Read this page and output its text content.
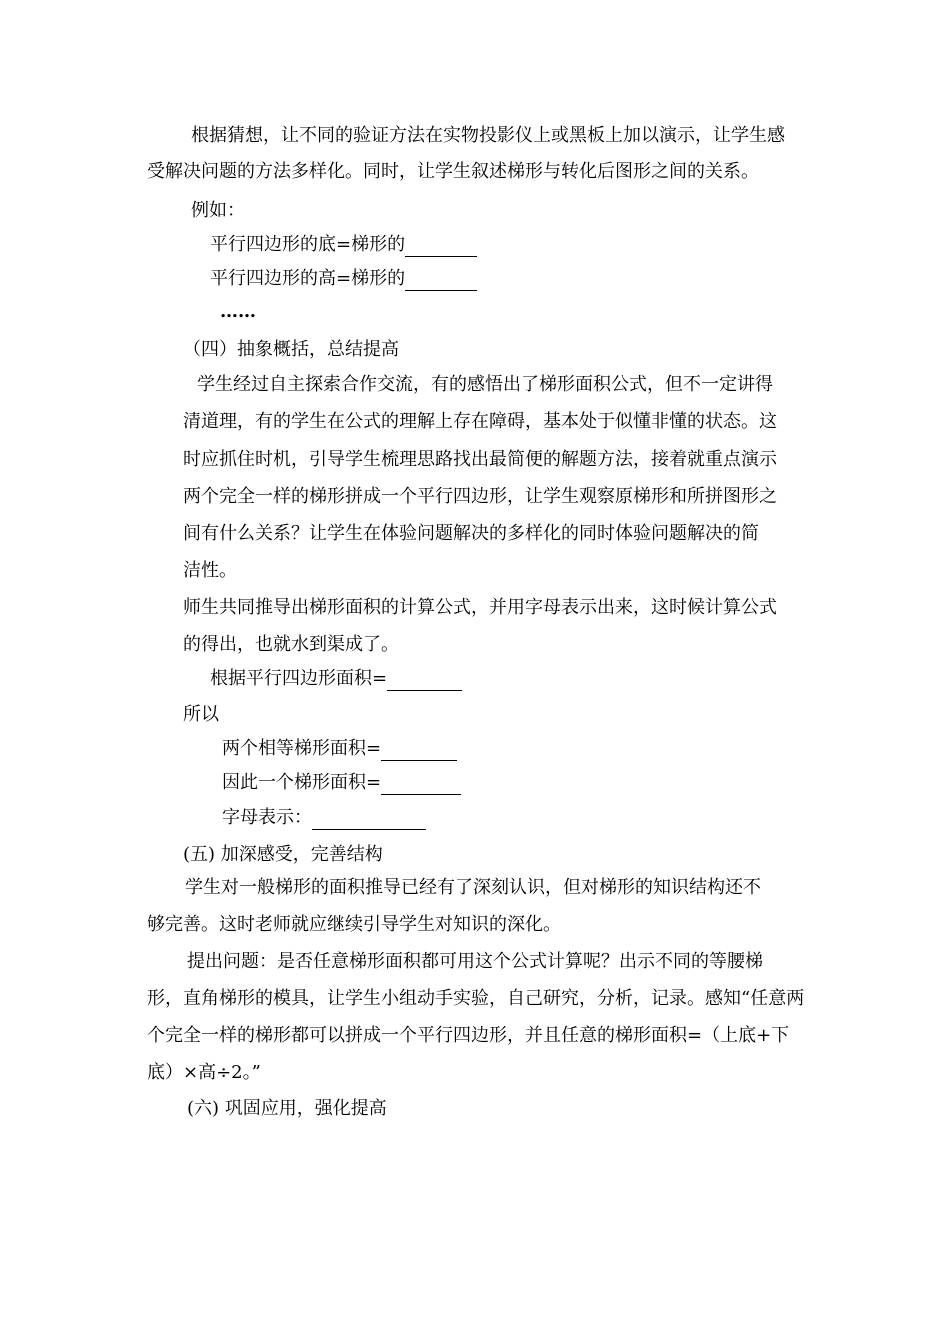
根据猜想，让不同的验证方法在实物投影仪上或黑板上加以演示，让学生感

受解决问题的方法多样化。同时，让学生叙述梯形与转化后图形之间的关系。

例如：

平行四边形的底=梯形的

平行四边形的高=梯形的

……

（四）抽象概括，总结提高

学生经过自主探索合作交流，有的感悟出了梯形面积公式，但不一定讲得

清道理，有的学生在公式的理解上存在障碍，基本处于似懂非懂的状态。这

时应抓住时机，引导学生梳理思路找出最简便的解题方法，接着就重点演示

两个完全一样的梯形拼成一个平行四边形，让学生观察原梯形和所拼图形之

间有什么关系？让学生在体验问题解决的多样化的同时体验问题解决的简

洁性。

师生共同推导出梯形面积的计算公式，并用字母表示出来，这时候计算公式

的得出，也就水到渠成了。

根据平行四边形面积=

所以

两个相等梯形面积=

因此一个梯形面积=

字母表示：

(五) 加深感受，完善结构

学生对一般梯形的面积推导已经有了深刻认识，但对梯形的知识结构还不

够完善。这时老师就应继续引导学生对知识的深化。

提出问题：是否任意梯形面积都可用这个公式计算呢？出示不同的等腰梯

形，直角梯形的模具，让学生小组动手实验，自己研究，分析，记录。感知“任意两

个完全一样的梯形都可以拼成一个平行四边形，并且任意的梯形面积=（上底+下

底）×高÷2。”

(六) 巩固应用，强化提高
